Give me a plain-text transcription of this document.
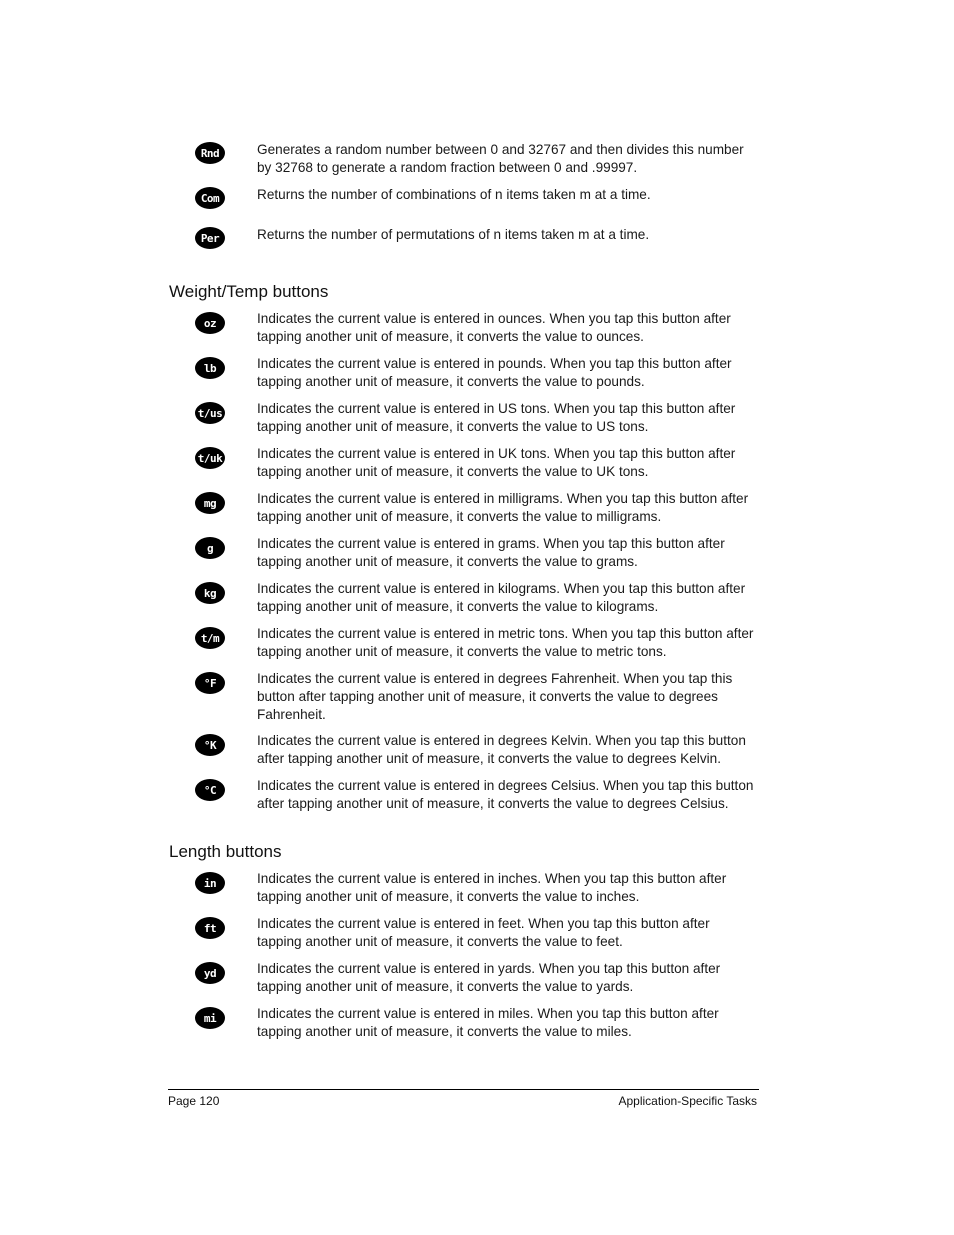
Rnd	Generates a random number between 0 and 32767 and then divides this number by 32768 to generate a random fraction between 0 and .99997.
Com	Returns the number of combinations of n items taken m at a time.
Per	Returns the number of permutations of n items taken m at a time.
Weight/Temp buttons
oz	Indicates the current value is entered in ounces. When you tap this button after tapping another unit of measure, it converts the value to ounces.
lb	Indicates the current value is entered in pounds. When you tap this button after tapping another unit of measure, it converts the value to pounds.
t/us	Indicates the current value is entered in US tons. When you tap this button after tapping another unit of measure, it converts the value to US tons.
t/uk	Indicates the current value is entered in UK tons. When you tap this button after tapping another unit of measure, it converts the value to UK tons.
mg	Indicates the current value is entered in milligrams. When you tap this button after tapping another unit of measure, it converts the value to milligrams.
g	Indicates the current value is entered in grams. When you tap this button after tapping another unit of measure, it converts the value to grams.
kg	Indicates the current value is entered in kilograms. When you tap this button after tapping another unit of measure, it converts the value to kilograms.
t/m	Indicates the current value is entered in metric tons. When you tap this button after tapping another unit of measure, it converts the value to metric tons.
°F	Indicates the current value is entered in degrees Fahrenheit. When you tap this button after tapping another unit of measure, it converts the value to degrees Fahrenheit.
°K	Indicates the current value is entered in degrees Kelvin. When you tap this button after tapping another unit of measure, it converts the value to degrees Kelvin.
°C	Indicates the current value is entered in degrees Celsius. When you tap this button after tapping another unit of measure, it converts the value to degrees Celsius.
Length buttons
in	Indicates the current value is entered in inches. When you tap this button after tapping another unit of measure, it converts the value to inches.
ft	Indicates the current value is entered in feet. When you tap this button after tapping another unit of measure, it converts the value to feet.
yd	Indicates the current value is entered in yards. When you tap this button after tapping another unit of measure, it converts the value to yards.
mi	Indicates the current value is entered in miles. When you tap this button after tapping another unit of measure, it converts the value to miles.
Page 120	Application-Specific Tasks
